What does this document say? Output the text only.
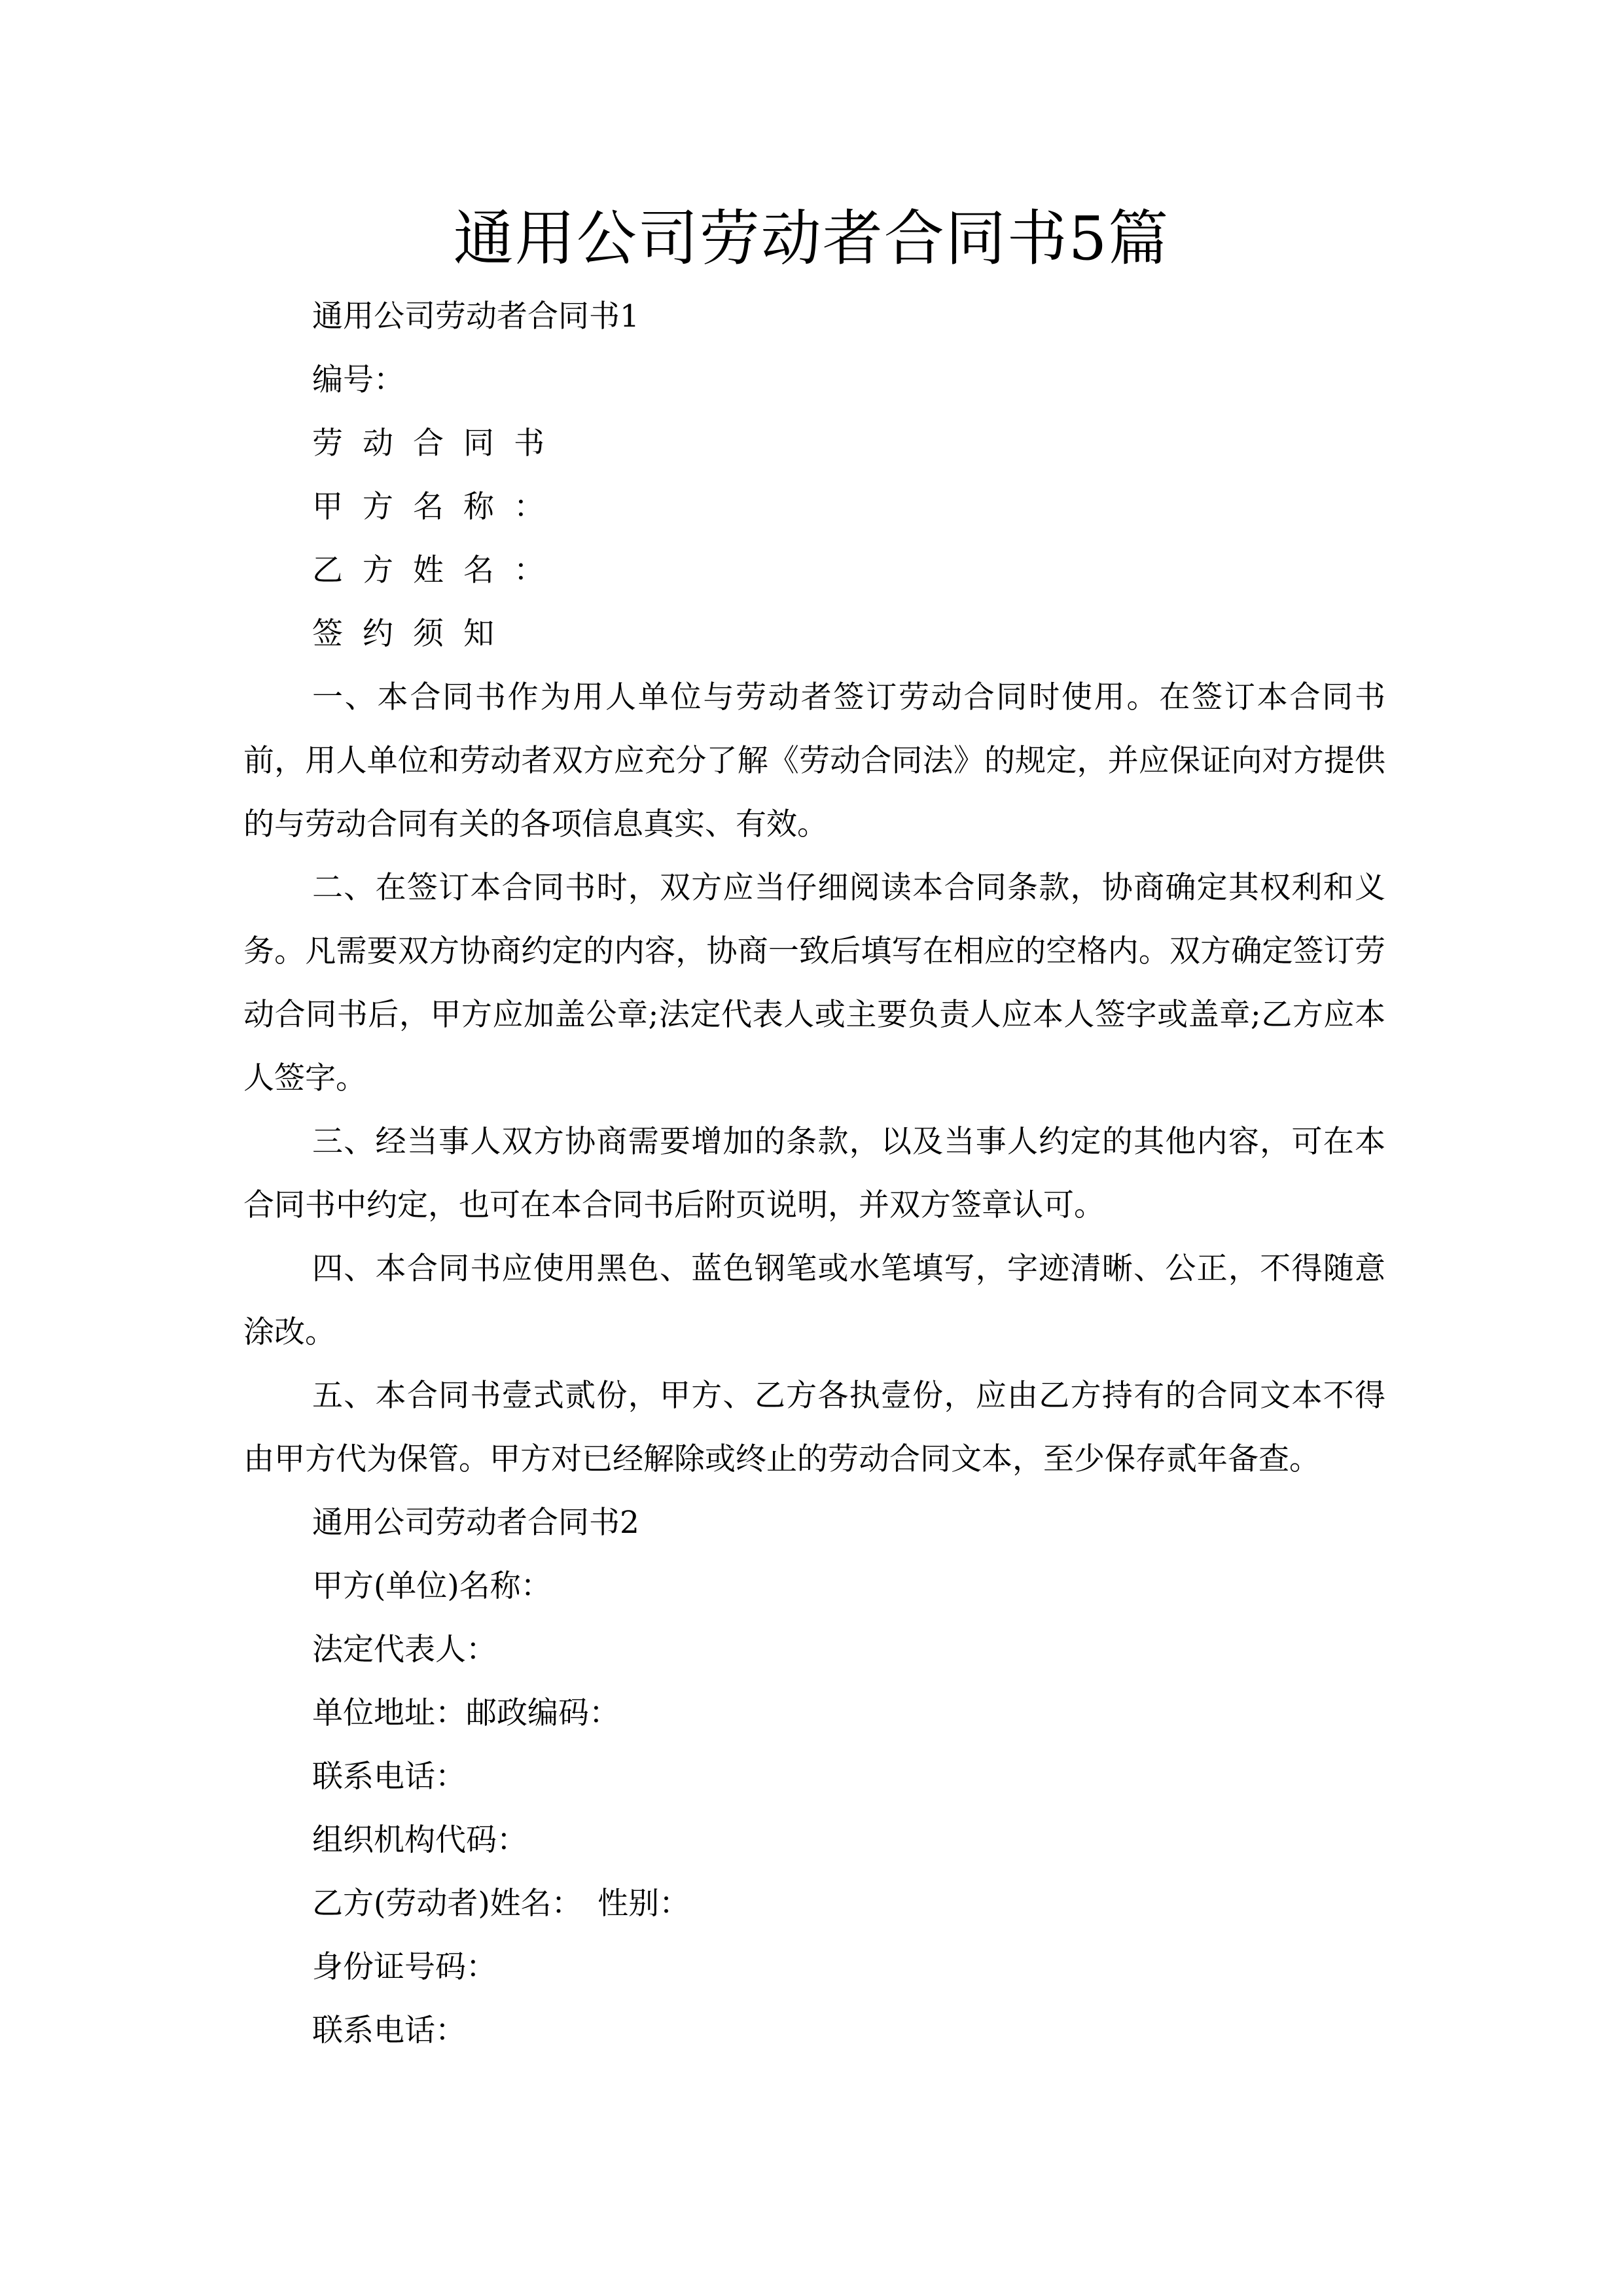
通用公司劳动者合同书5篇
通用公司劳动者合同书1
编号：
劳动合同书
甲方名称：
乙方姓名：
签约须知

一、本合同书作为用人单位与劳动者签订劳动合同时使用。在签订本合同书前，用人单位和劳动者双方应充分了解《劳动合同法》的规定，并应保证向对方提供的与劳动合同有关的各项信息真实、有效。

二、在签订本合同书时，双方应当仔细阅读本合同条款，协商确定其权利和义务。凡需要双方协商约定的内容，协商一致后填写在相应的空格内。双方确定签订劳动合同书后，甲方应加盖公章;法定代表人或主要负责人应本人签字或盖章;乙方应本人签字。

三、经当事人双方协商需要增加的条款，以及当事人约定的其他内容，可在本合同书中约定，也可在本合同书后附页说明，并双方签章认可。

四、本合同书应使用黑色、蓝色钢笔或水笔填写，字迹清晰、公正，不得随意涂改。

五、本合同书壹式贰份，甲方、乙方各执壹份，应由乙方持有的合同文本不得由甲方代为保管。甲方对已经解除或终止的劳动合同文本，至少保存贰年备查。

通用公司劳动者合同书2
甲方(单位)名称：
法定代表人：
单位地址：邮政编码：
联系电话：
组织机构代码：
乙方(劳动者)姓名：　性别：
身份证号码：
联系电话：
